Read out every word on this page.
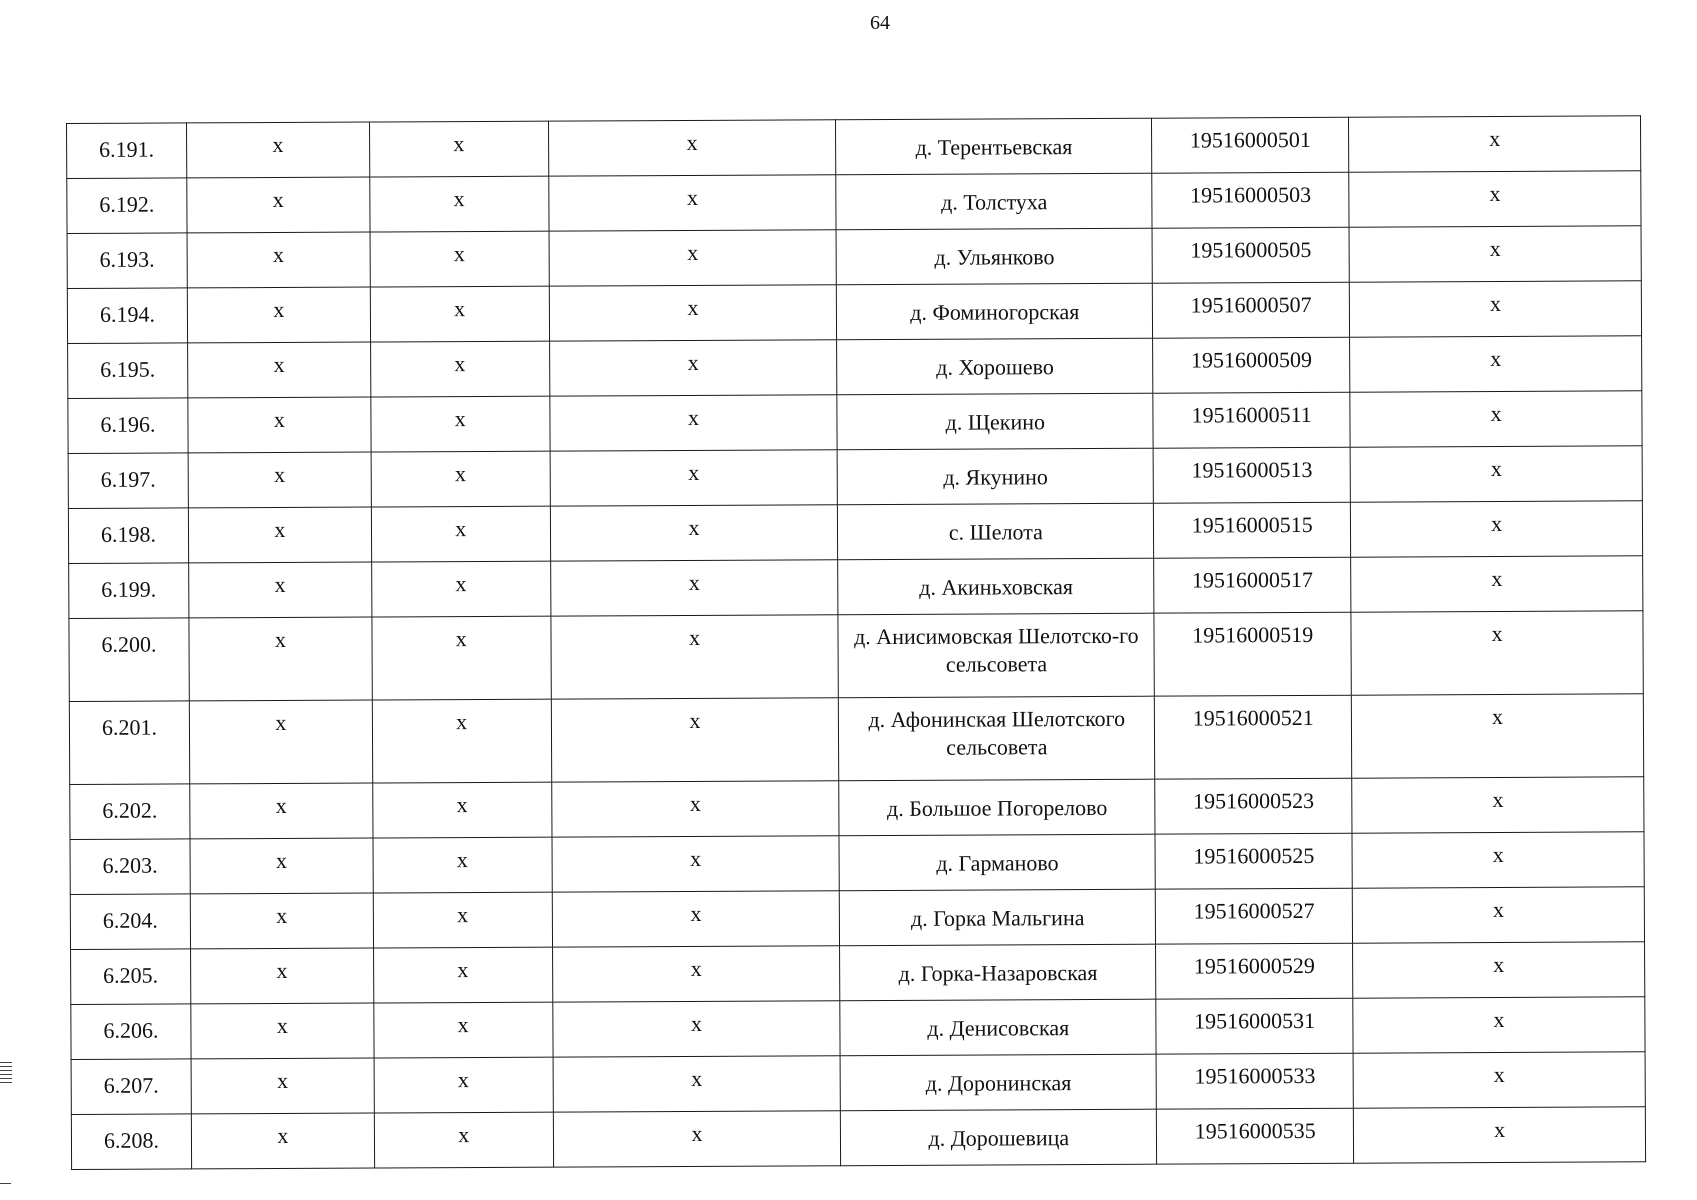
64
6.191.	x	x	x	д. Терентьевская	19516000501	x
6.192.	x	x	x	д. Толстуха	19516000503	x
6.193.	x	x	x	д. Ульянково	19516000505	x
6.194.	x	x	x	д. Фоминогорская	19516000507	x
6.195.	x	x	x	д. Хорошево	19516000509	x
6.196.	x	x	x	д. Щекино	19516000511	x
6.197.	x	x	x	д. Якунино	19516000513	x
6.198.	x	x	x	с. Шелота	19516000515	x
6.199.	x	x	x	д. Акиньховская	19516000517	x
6.200.	x	x	x	д. Анисимовская Шелотско-го сельсовета	19516000519	x
6.201.	x	x	x	д. Афонинская Шелотского сельсовета	19516000521	x
6.202.	x	x	x	д. Большое Погорелово	19516000523	x
6.203.	x	x	x	д. Гарманово	19516000525	x
6.204.	x	x	x	д. Горка Мальгина	19516000527	x
6.205.	x	x	x	д. Горка-Назаровская	19516000529	x
6.206.	x	x	x	д. Денисовская	19516000531	x
6.207.	x	x	x	д. Доронинская	19516000533	x
6.208.	x	x	x	д. Дорошевица	19516000535	x
